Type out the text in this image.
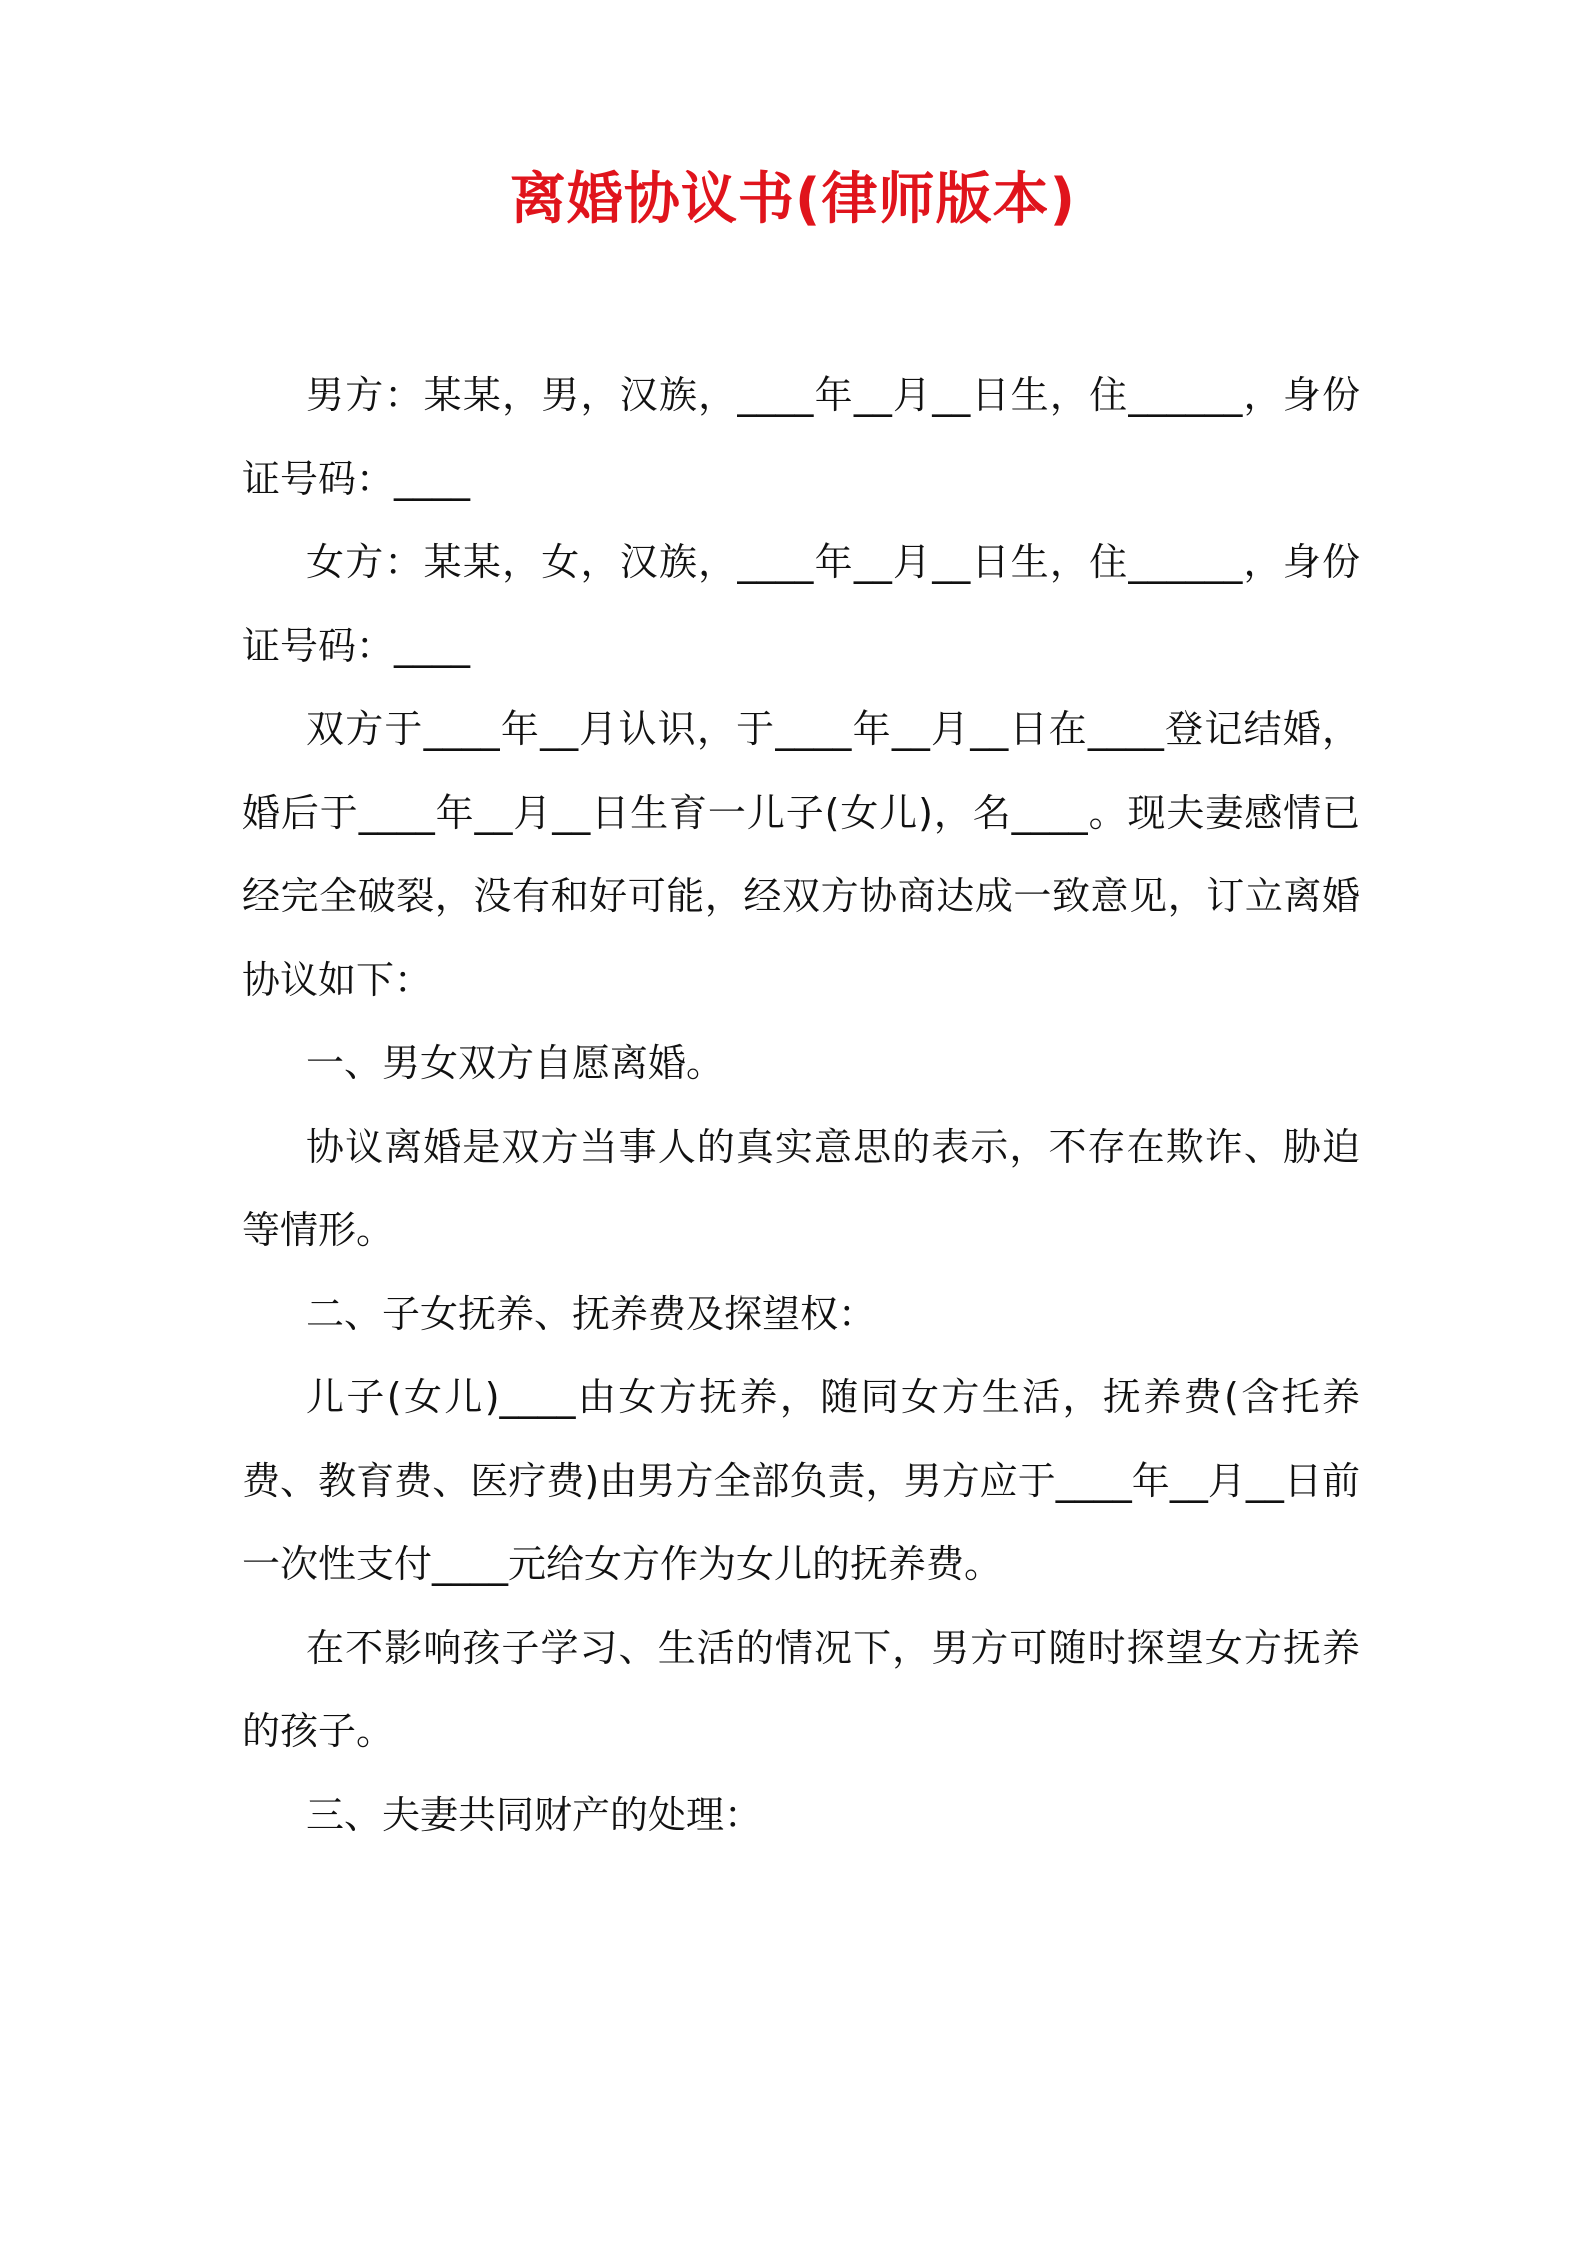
离婚协议书(律师版本)

男方：某某，男，汉族，____年__月__日生，住______，身份证号码：____

女方：某某，女，汉族，____年__月__日生，住______，身份证号码：____

双方于____年__月认识，于____年__月__日在____登记结婚，婚后于____年__月__日生育一儿子(女儿)，名____。现夫妻感情已经完全破裂，没有和好可能，经双方协商达成一致意见，订立离婚协议如下：

一、男女双方自愿离婚。

协议离婚是双方当事人的真实意思的表示，不存在欺诈、胁迫等情形。

二、子女抚养、抚养费及探望权：

儿子(女儿)____由女方抚养，随同女方生活，抚养费(含托养费、教育费、医疗费)由男方全部负责，男方应于____年__月__日前一次性支付____元给女方作为女儿的抚养费。

在不影响孩子学习、生活的情况下，男方可随时探望女方抚养的孩子。

三、夫妻共同财产的处理：
